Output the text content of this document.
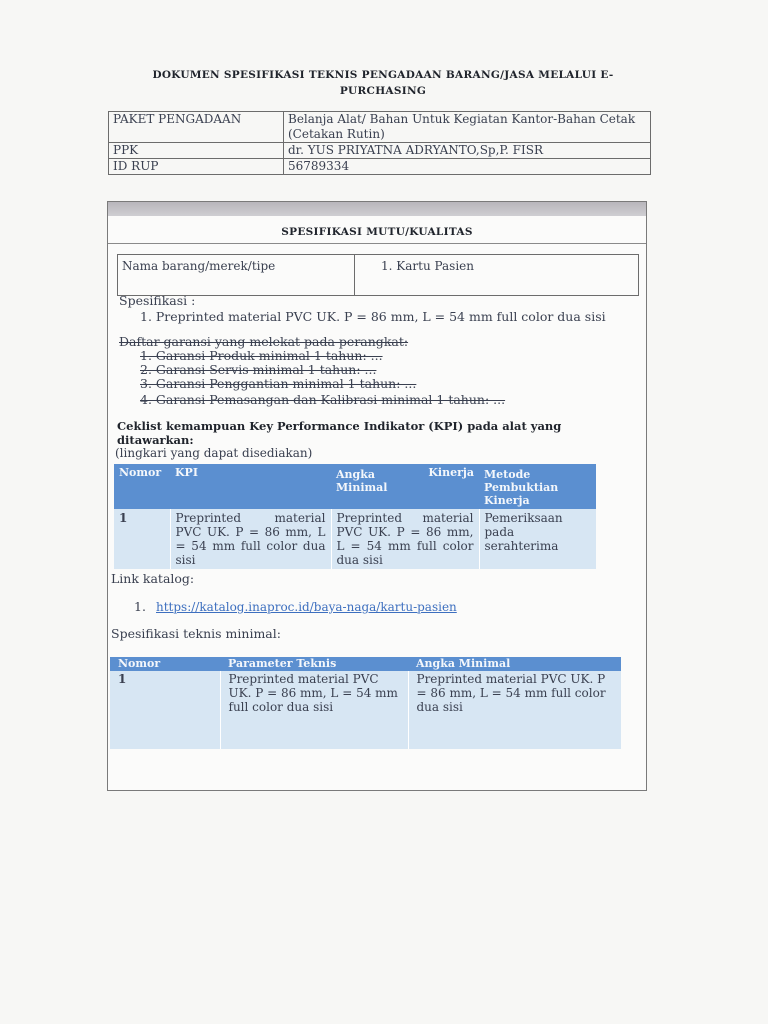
DOKUMEN SPESIFIKASI TEKNIS PENGADAAN BARANG/JASA MELALUI E-
PURCHASING
PAKET PENGADAAN	Belanja Alat/ Bahan Untuk Kegiatan Kantor-Bahan Cetak (Cetakan Rutin)
PPK	dr. YUS PRIYATNA ADRYANTO,Sp,P. FISR
ID RUP	56789334
SPESIFIKASI MUTU/KUALITAS
Nama barang/merek/tipe	1. Kartu Pasien
Spesifikasi :
1. Preprinted material PVC UK. P = 86 mm, L = 54 mm full color dua sisi
Daftar garansi yang melekat pada perangkat:
1. Garansi Produk minimal 1 tahun: ...
2. Garansi Servis minimal 1 tahun: ...
3. Garansi Penggantian minimal 1 tahun: ...
4. Garansi Pemasangan dan Kalibrasi minimal 1 tahun: ...
Ceklist kemampuan Key Performance Indikator (KPI) pada alat yang
ditawarkan:
(lingkari yang dapat disediakan)
Nomor	KPI	Angka Minimal	Kinerja	Metode Pembuktian Kinerja
1	Preprinted material PVC UK. P = 86 mm, L = 54 mm full color dua sisi	Preprinted material PVC UK. P = 86 mm, L = 54 mm full color dua sisi		Pemeriksaan pada serahterima
Link katalog:
1. https://katalog.inaproc.id/baya-naga/kartu-pasien
Spesifikasi teknis minimal:
Nomor	Parameter Teknis	Angka Minimal
1	Preprinted material PVC UK. P = 86 mm, L = 54 mm full color dua sisi	Preprinted material PVC UK. P = 86 mm, L = 54 mm full color dua sisi
